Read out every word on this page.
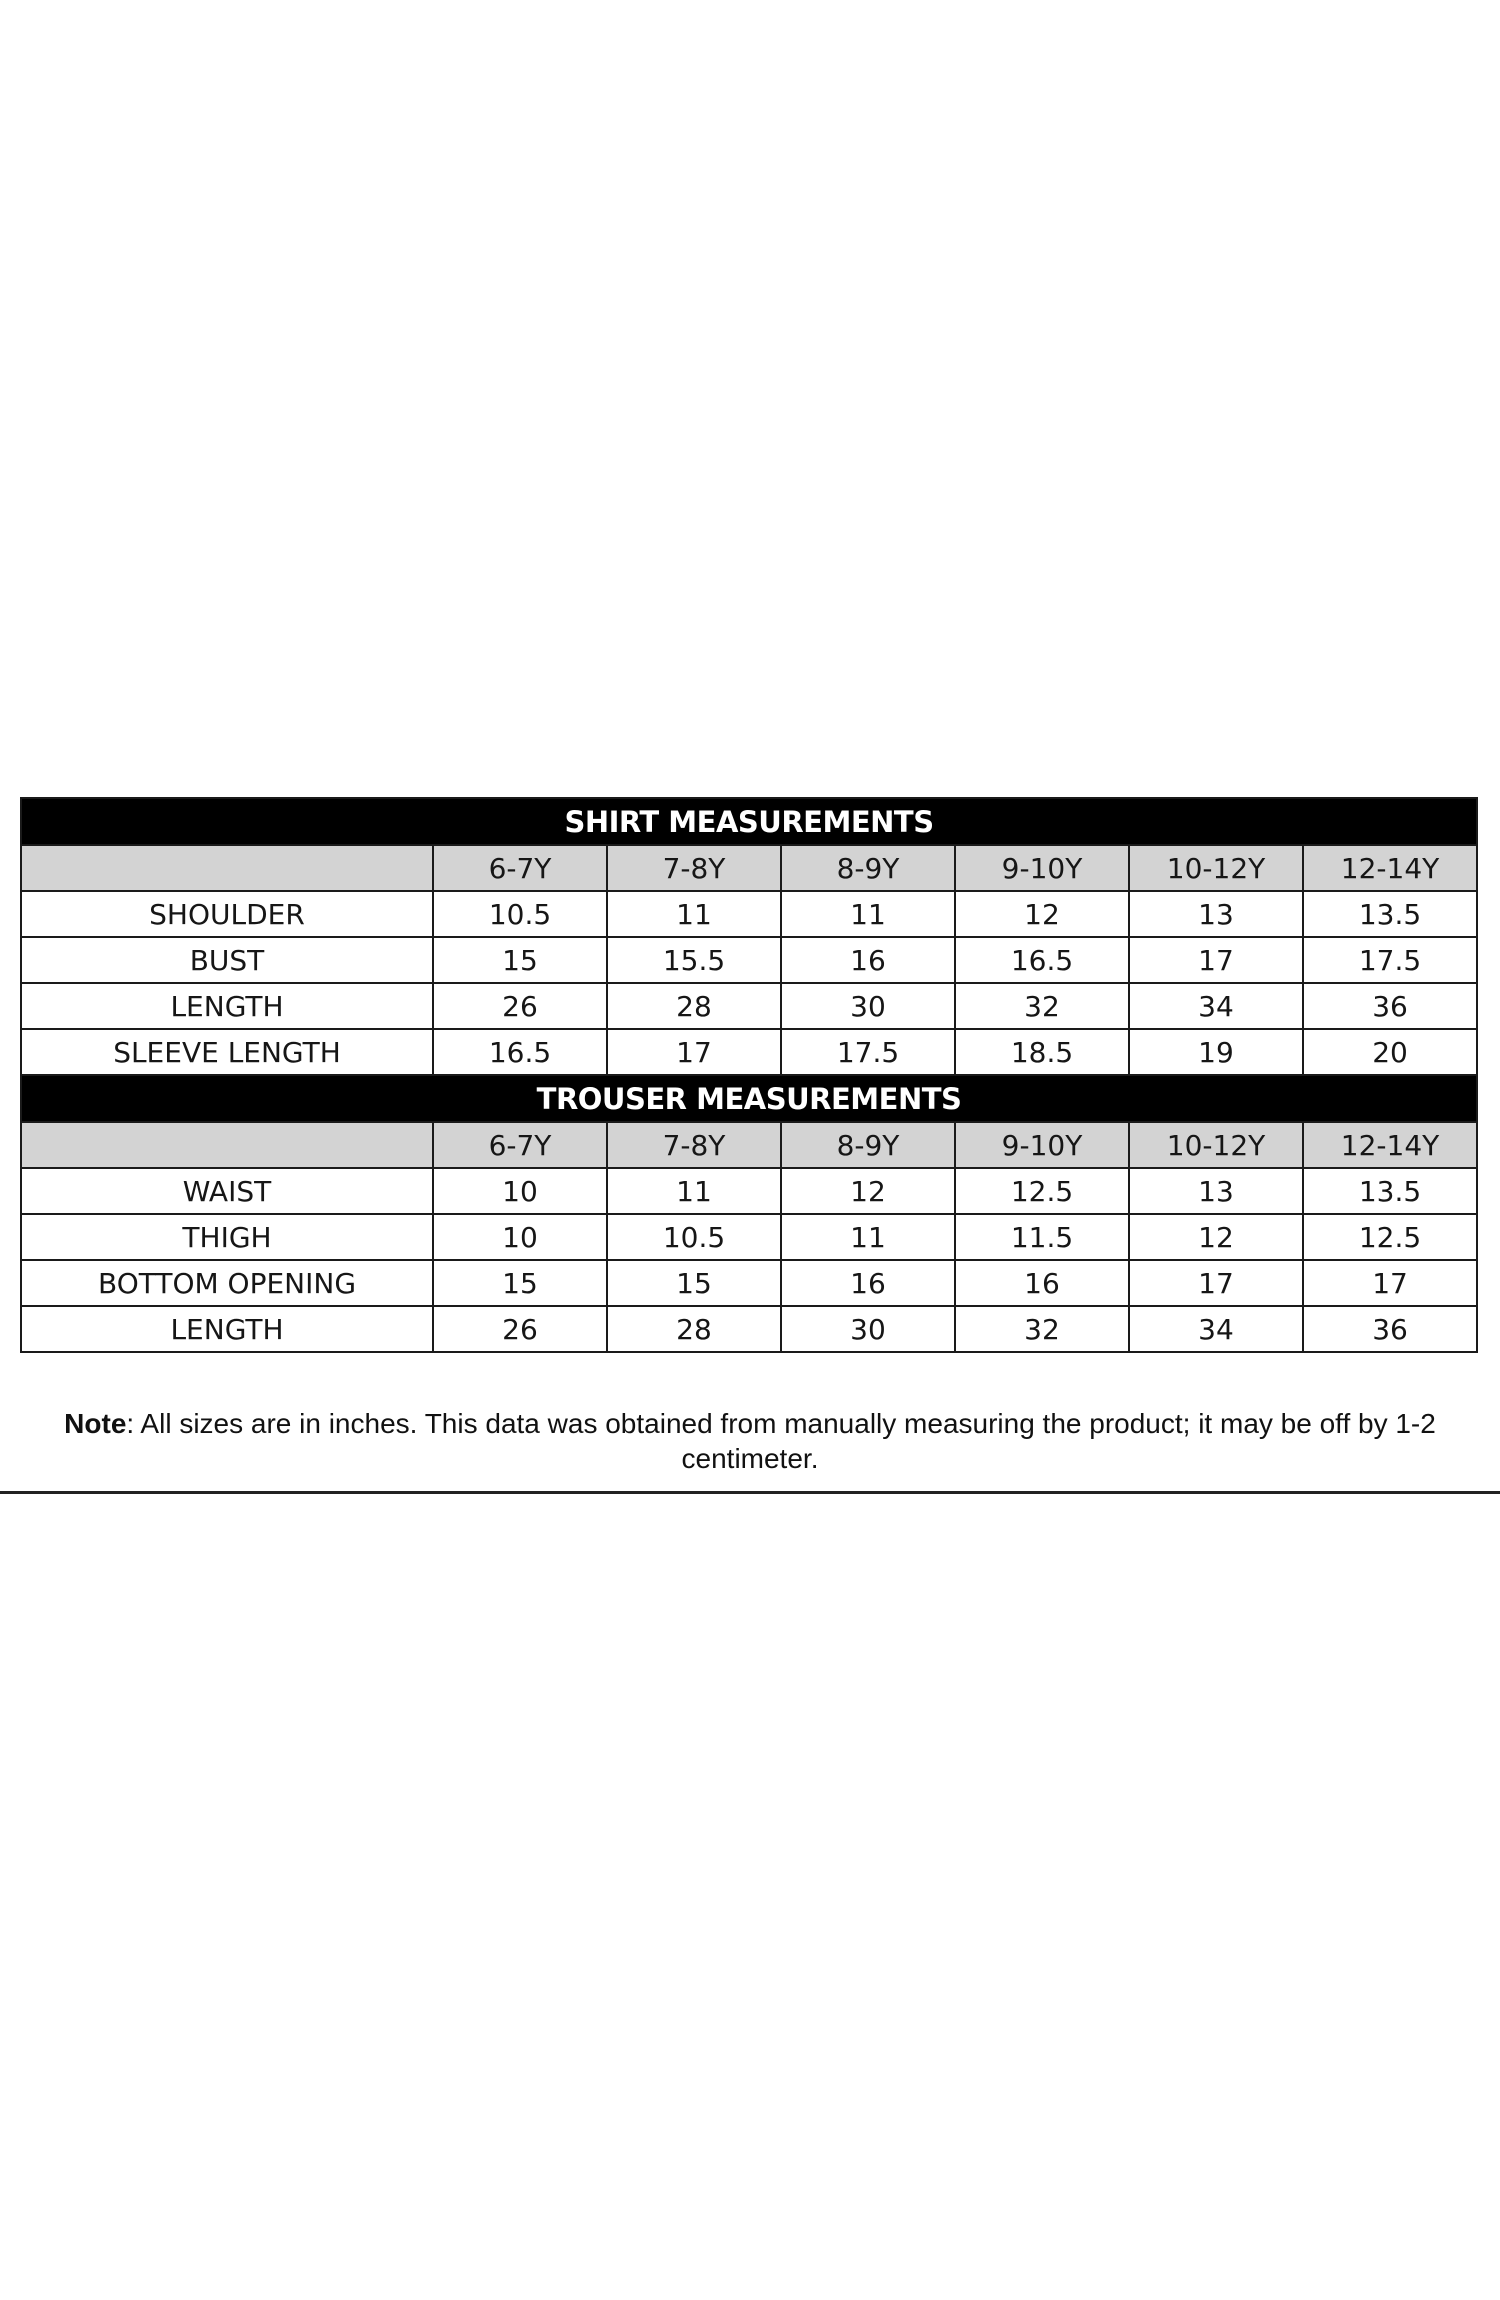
SHIRT MEASUREMENTS						
	6-7Y	7-8Y	8-9Y	9-10Y	10-12Y	12-14Y
SHOULDER	10.5	11	11	12	13	13.5
BUST	15	15.5	16	16.5	17	17.5
LENGTH	26	28	30	32	34	36
SLEEVE LENGTH	16.5	17	17.5	18.5	19	20
TROUSER MEASUREMENTS						
	6-7Y	7-8Y	8-9Y	9-10Y	10-12Y	12-14Y
WAIST	10	11	12	12.5	13	13.5
THIGH	10	10.5	11	11.5	12	12.5
BOTTOM OPENING	15	15	16	16	17	17
LENGTH	26	28	30	32	34	36
Note: All sizes are in inches. This data was obtained from manually measuring the product; it may be off by 1-2 centimeter.
